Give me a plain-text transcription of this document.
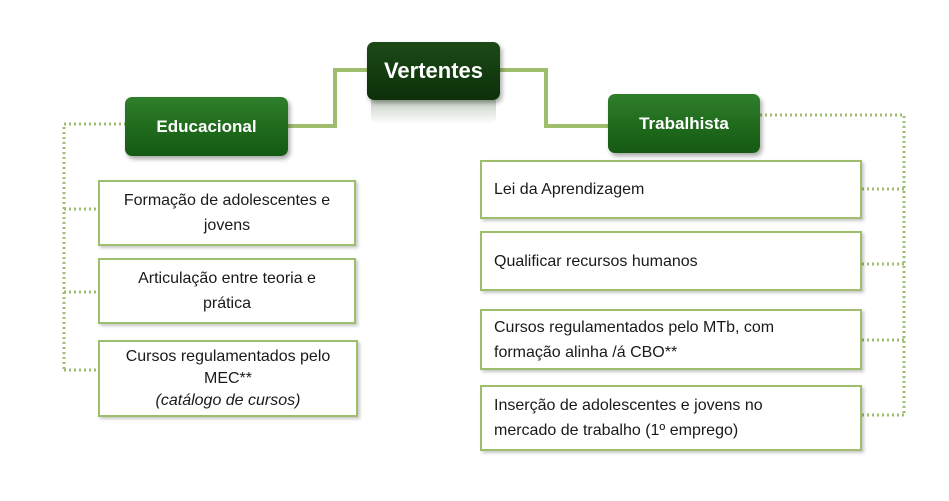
Vertentes
Educacional	Trabalhista
Formação de adolescentes e
jovens
Articulação entre teoria e
prática
Cursos regulamentados pelo
MEC**
(catálogo de cursos)
Lei da Aprendizagem
Qualificar recursos humanos
Cursos regulamentados pelo MTb, com
formação alinha /á CBO**
Inserção de adolescentes e jovens no
mercado de trabalho (1º emprego)
